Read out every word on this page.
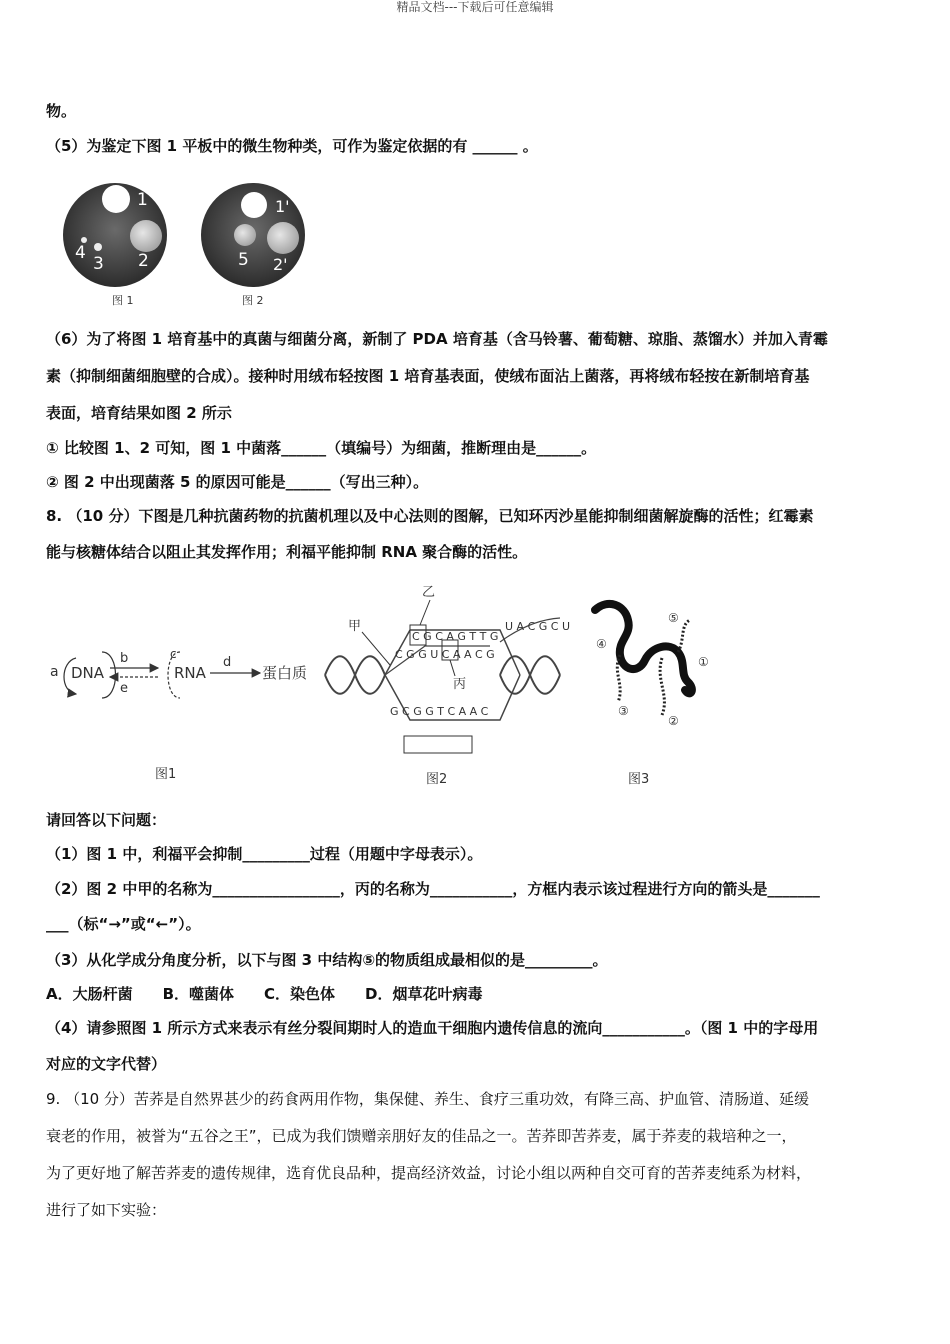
精品文档---下载后可任意编辑
物。
（5）为鉴定下图 1 平板中的微生物种类，可作为鉴定依据的有 ______ 。
1
2
3
4
1'
2'
5
图 1	图 2
（6）为了将图 1 培育基中的真菌与细菌分离，新制了 PDA 培育基（含马铃薯、葡萄糖、琼脂、蒸馏水）并加入青霉
素（抑制细菌细胞壁的合成）。接种时用绒布轻按图 1 培育基表面，使绒布面沾上菌落，再将绒布轻按在新制培育基
表面，培育结果如图 2 所示
① 比较图 1、2 可知，图 1 中菌落______（填编号）为细菌，推断理由是______。
② 图 2 中出现菌落 5 的原因可能是______（写出三种）。
8. （10 分）下图是几种抗菌药物的抗菌机理以及中心法则的图解，已知环丙沙星能抑制细菌解旋酶的活性；红霉素
能与核糖体结合以阻止其发挥作用；利福平能抑制 RNA 聚合酶的活性。
a DNA
b
e
c
RNA
d
蛋白质
图1
C G C A G T T G
C G G U C A A C G
U A C G C U
G C G G T C A A C
乙
甲
丙
图2
①
②
③
④
⑤
图3
请回答以下问题：
（1）图 1 中，利福平会抑制_________过程（用题中字母表示）。
（2）图 2 中甲的名称为_________________，丙的名称为___________，方框内表示该过程进行方向的箭头是_______
___（标“→”或“←”）。
（3）从化学成分角度分析，以下与图 3 中结构⑤的物质组成最相似的是_________。
A．大肠杆菌　　B．噬菌体　　C．染色体　　D．烟草花叶病毒
（4）请参照图 1 所示方式来表示有丝分裂间期时人的造血干细胞内遗传信息的流向___________。（图 1 中的字母用
对应的文字代替）
9. （10 分）苦荞是自然界甚少的药食两用作物，集保健、养生、食疗三重功效，有降三高、护血管、清肠道、延缓
衰老的作用，被誉为“五谷之王”，已成为我们馈赠亲朋好友的佳品之一。苦荞即苦荞麦，属于荞麦的栽培种之一，
为了更好地了解苦荞麦的遗传规律，选育优良品种，提高经济效益，讨论小组以两种自交可育的苦荞麦纯系为材料，
进行了如下实验：
